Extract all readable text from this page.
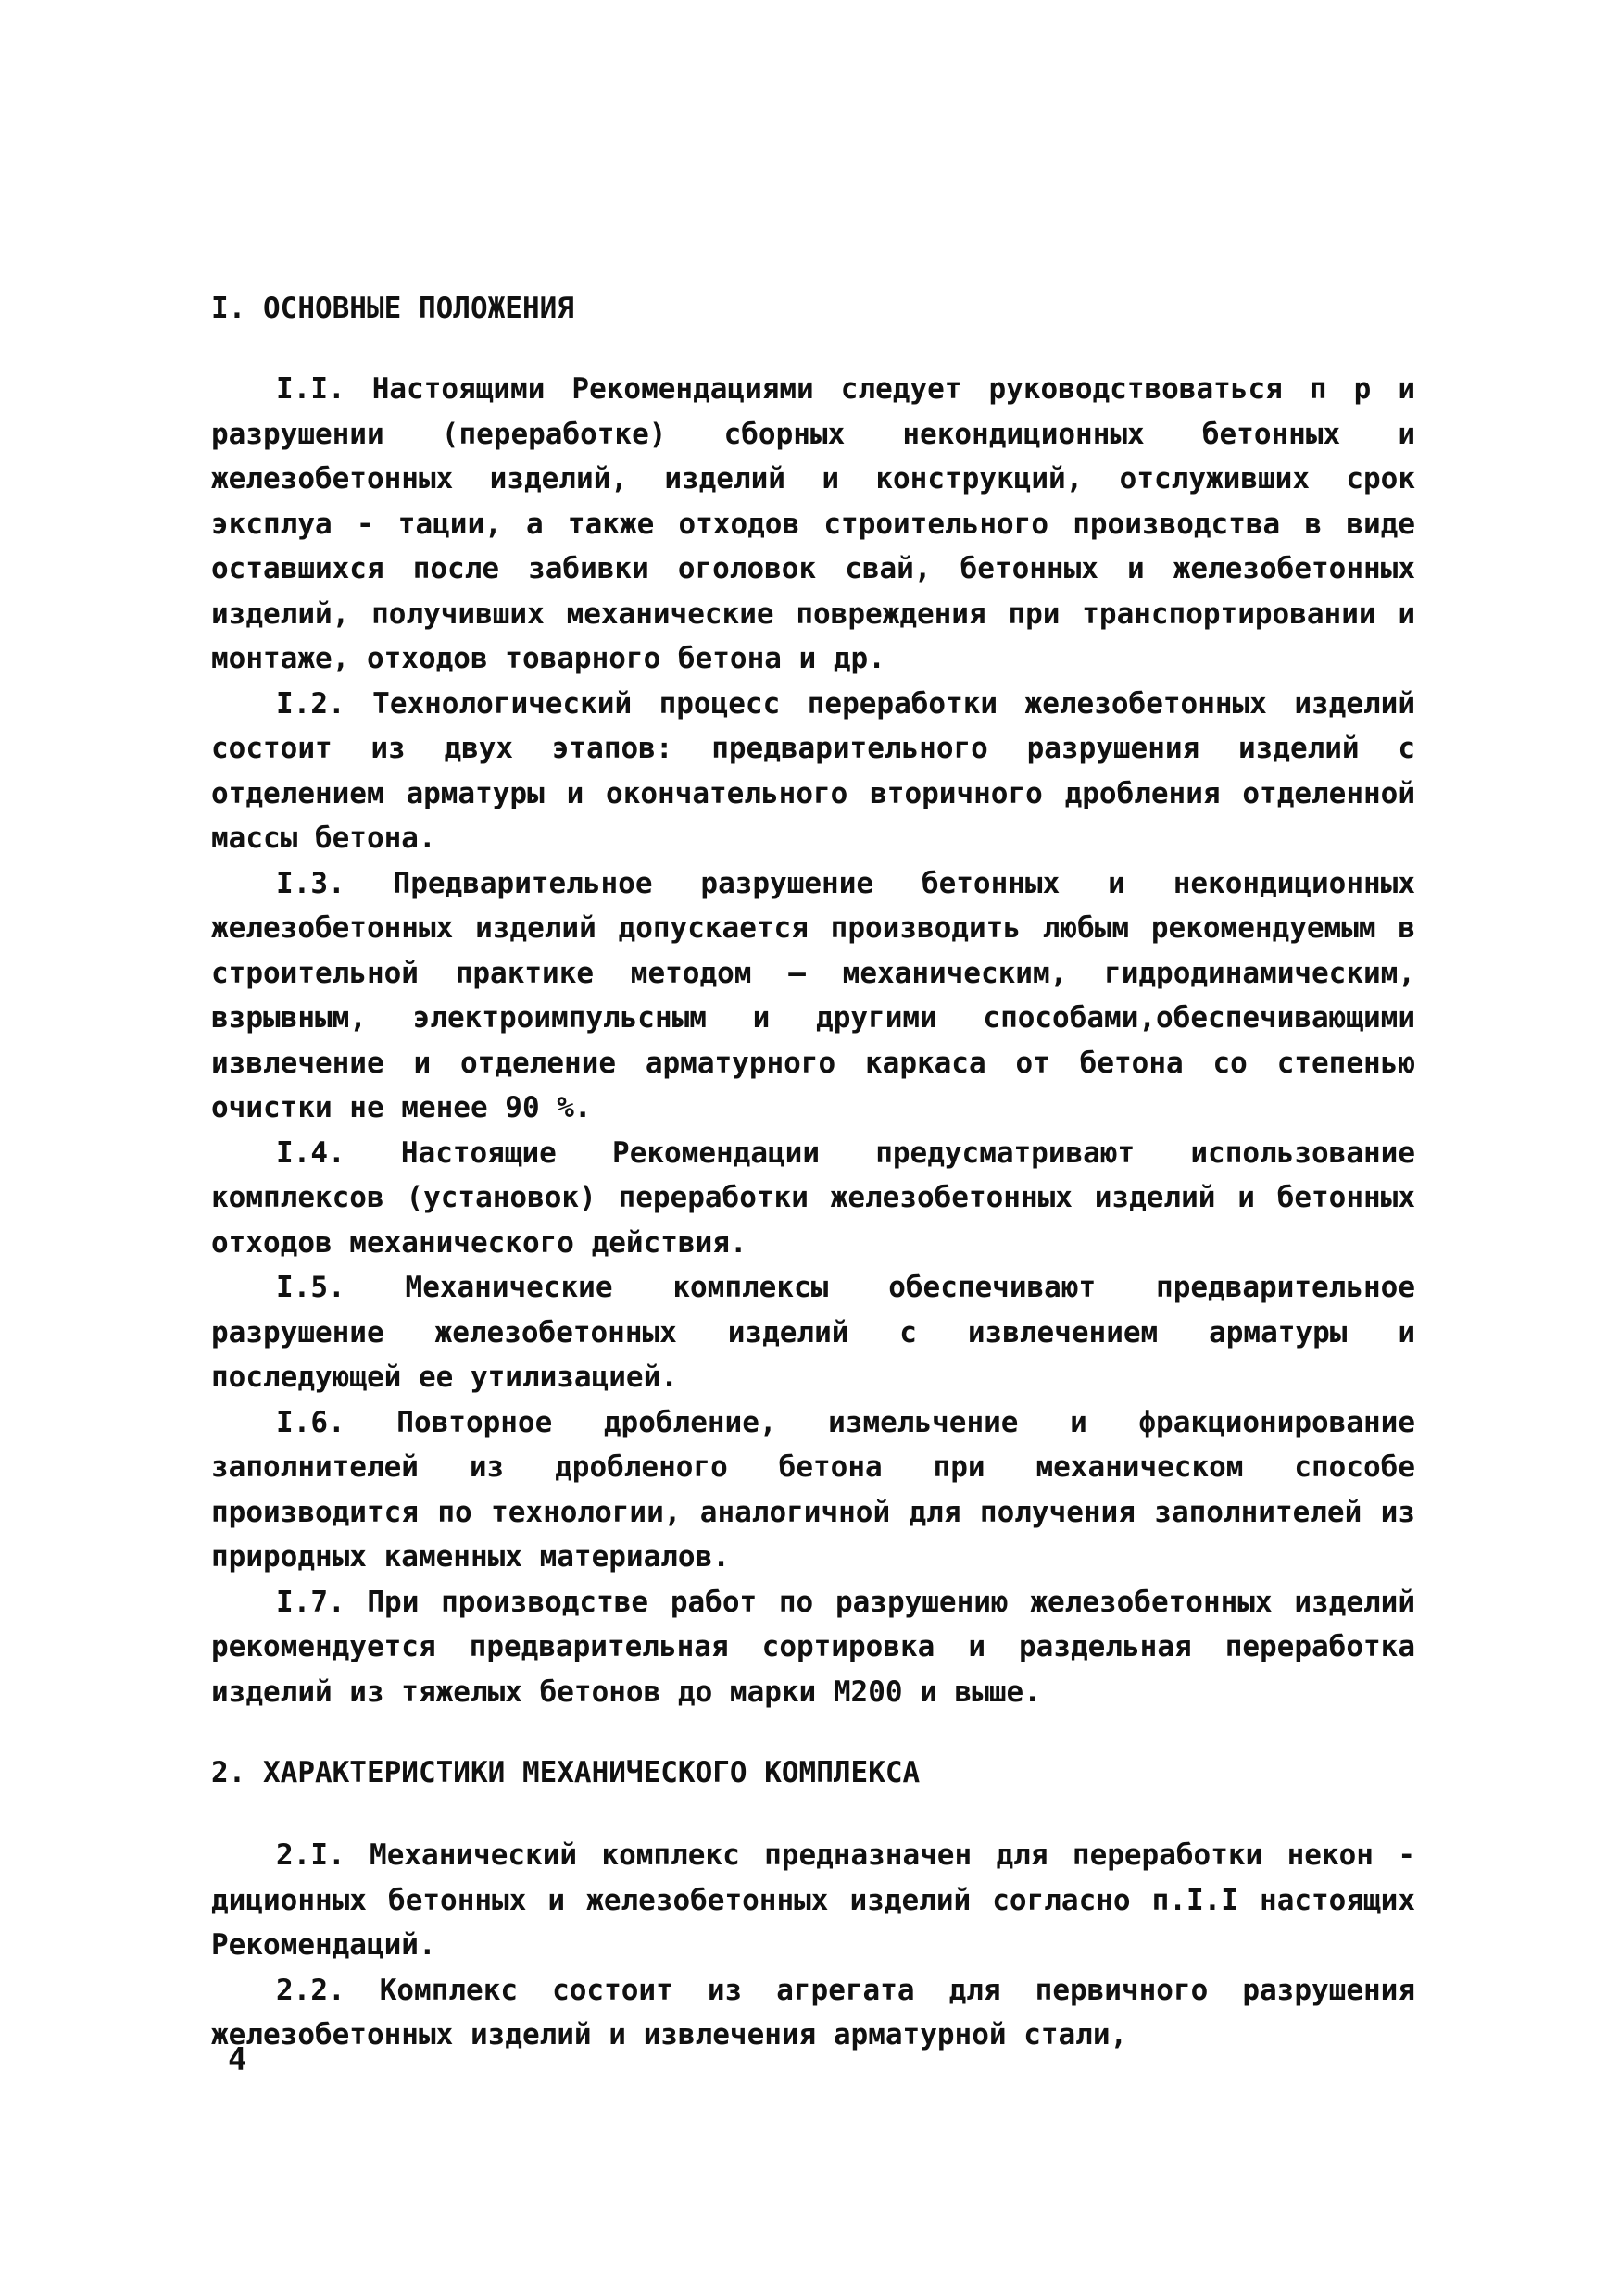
I. ОСНОВНЫЕ ПОЛОЖЕНИЯ

I.I. Настоящими Рекомендациями следует руководствоваться п р и разрушении (переработке) сборных некондиционных бетонных и железобетонных изделий, изделий и конструкций, отслуживших срок эксплуа - тации, а также отходов строительного производства в виде оставшихся после забивки оголовок свай, бетонных и железобетонных изделий, получивших механические повреждения при транспортировании и монтаже, отходов товарного бетона и др.

I.2. Технологический процесс переработки железобетонных изделий состоит из двух этапов: предварительного разрушения изделий с отделением арматуры и окончательного вторичного дробления отделенной массы бетона.

I.3. Предварительное разрушение бетонных и некондиционных железобетонных изделий допускается производить любым рекомендуемым в строительной практике методом — механическим, гидродинамическим, взрывным, электроимпульсным и другими способами,обеспечивающими извлечение и отделение арматурного каркаса от бетона со степенью очистки не менее 90 %.

I.4. Настоящие Рекомендации предусматривают использование комплексов (установок) переработки железобетонных изделий и бетонных отходов механического действия.

I.5. Механические комплексы обеспечивают предварительное разрушение железобетонных изделий с извлечением арматуры и последующей ее утилизацией.

I.6. Повторное дробление, измельчение и фракционирование заполнителей из дробленого бетона при механическом способе производится по технологии, аналогичной для получения заполнителей из природных каменных материалов.

I.7. При производстве работ по разрушению железобетонных изделий рекомендуется предварительная сортировка и раздельная переработка изделий из тяжелых бетонов до марки М200 и выше.

2. ХАРАКТЕРИСТИКИ МЕХАНИЧЕСКОГО КОМПЛЕКСА

2.I. Механический комплекс предназначен для переработки некон - диционных бетонных и железобетонных изделий согласно п.I.I настоящих Рекомендаций.

2.2. Комплекс состоит из агрегата для первичного разрушения железобетонных изделий и извлечения арматурной стали,

4
